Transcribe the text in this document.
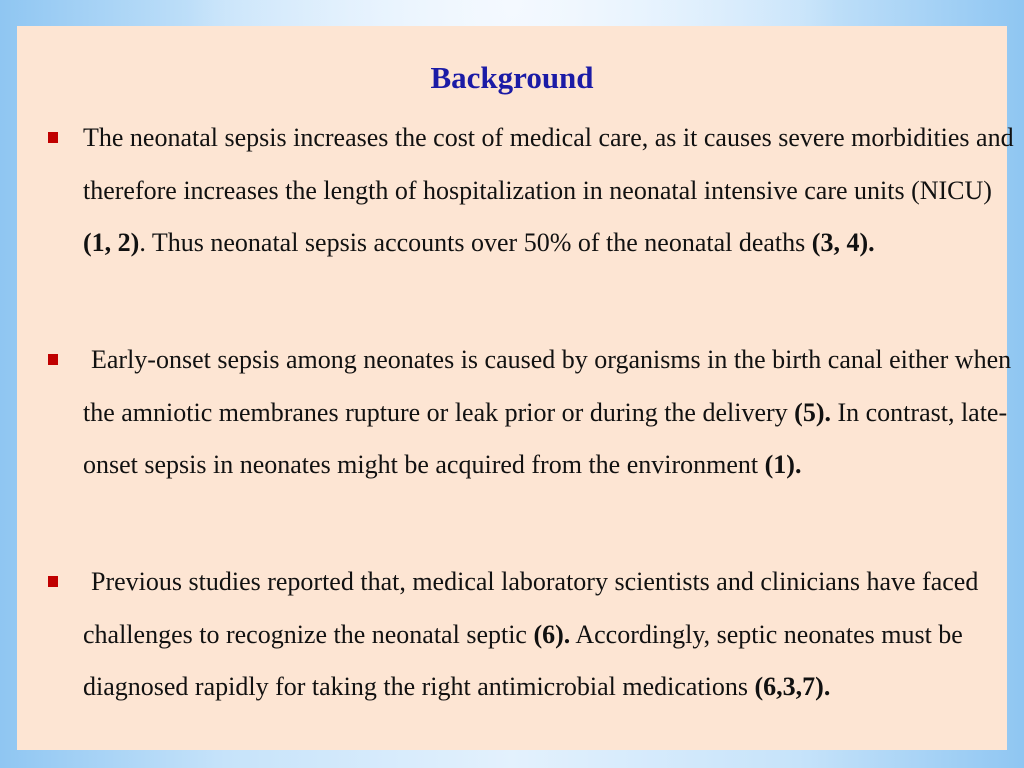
Background
The neonatal sepsis increases the cost of medical care, as it causes severe morbidities and therefore increases the length of hospitalization in neonatal intensive care units (NICU) (1, 2). Thus neonatal sepsis accounts over 50% of the neonatal deaths (3, 4).
Early-onset sepsis among neonates is caused by organisms in the birth canal either when the amniotic membranes rupture or leak prior or during the delivery (5). In contrast, late-onset sepsis in neonates might be acquired from the environment (1).
Previous studies reported that, medical laboratory scientists and clinicians have faced challenges to recognize the neonatal septic (6). Accordingly, septic neonates must be diagnosed rapidly for taking the right antimicrobial medications (6,3,7).
